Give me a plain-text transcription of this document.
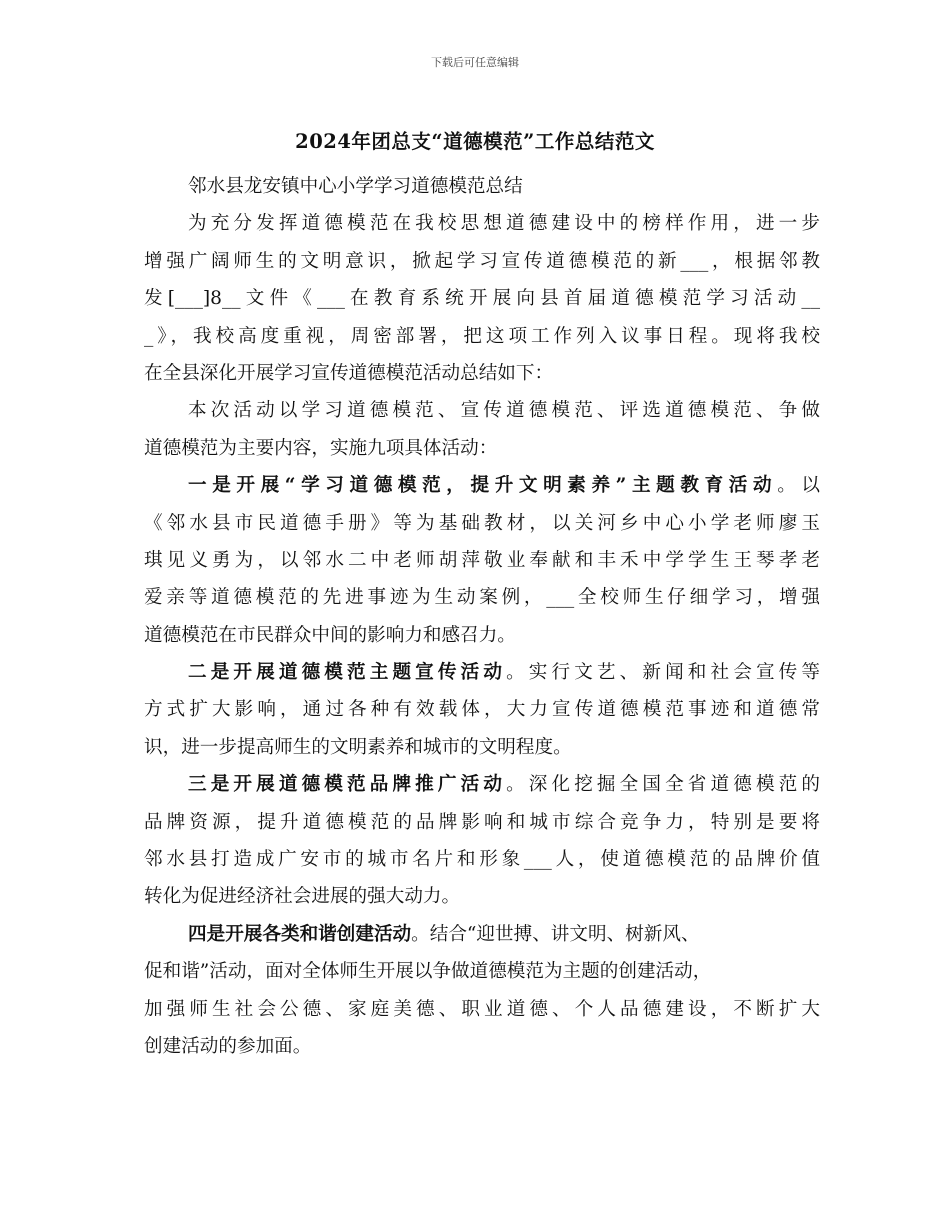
下载后可任意编辑
2024年团总支“道德模范”工作总结范文
邻水县龙安镇中心小学学习道德模范总结
为充分发挥道德模范在我校思想道德建设中的榜样作用，进一步
增强广阔师生的文明意识，掀起学习宣传道德模范的新___，根据邻教
发[___]8__文件《___在教育系统开展向县首届道德模范学习活动__
_》，我校高度重视，周密部署，把这项工作列入议事日程。现将我校
在全县深化开展学习宣传道德模范活动总结如下：
本次活动以学习道德模范、宣传道德模范、评选道德模范、争做
道德模范为主要内容，实施九项具体活动：
一是开展“学习道德模范，提升文明素养”主题教育活动。以
《邻水县市民道德手册》等为基础教材，以关河乡中心小学老师廖玉
琪见义勇为，以邻水二中老师胡萍敬业奉献和丰禾中学学生王琴孝老
爱亲等道德模范的先进事迹为生动案例，___全校师生仔细学习，增强
道德模范在市民群众中间的影响力和感召力。
二是开展道德模范主题宣传活动。实行文艺、新闻和社会宣传等
方式扩大影响，通过各种有效载体，大力宣传道德模范事迹和道德常
识，进一步提高师生的文明素养和城市的文明程度。
三是开展道德模范品牌推广活动。深化挖掘全国全省道德模范的
品牌资源，提升道德模范的品牌影响和城市综合竞争力，特别是要将
邻水县打造成广安市的城市名片和形象___人，使道德模范的品牌价值
转化为促进经济社会进展的强大动力。
四是开展各类和谐创建活动。结合“迎世搏、讲文明、树新风、
促和谐”活动，面对全体师生开展以争做道德模范为主题的创建活动，
加强师生社会公德、家庭美德、职业道德、个人品德建设，不断扩大
创建活动的参加面。
